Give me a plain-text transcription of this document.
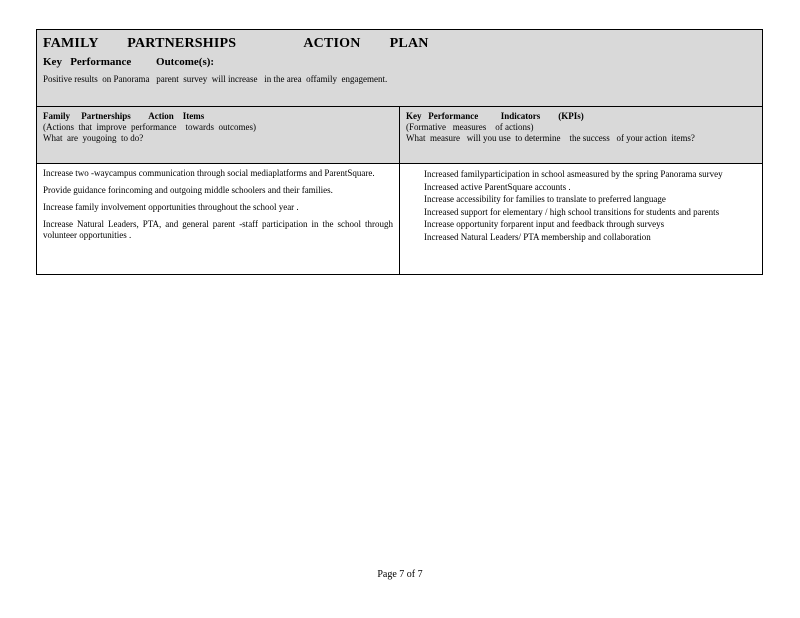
FAMILY   PARTNERSHIPS       ACTION   PLAN
Key   Performance         Outcome(s):
Positive results  on Panorama   parent  survey  will increase   in the area  offamily  engagement.
Family     Partnerships        Action    Items
(Actions  that  improve  performance    towards  outcomes)
What  are  yougoing  to do?
Key   Performance          Indicators        (KPIs)
(Formative   measures    of actions)
What  measure   will you use  to determine    the success   of your action  items?

Increase two -waycampus communication through social mediaplatforms and ParentSquare.

Provide guidance forincoming and outgoing middle schoolers and their families.

Increase family involvement opportunities throughout the school year .

Increase Natural Leaders, PTA, and general parent -staff participation in the school through volunteer opportunities .

Increased familyparticipation in school asmeasured by the spring Panorama survey
Increased active ParentSquare accounts .
Increase accessibility for families to translate to preferred language
Increased support for elementary / high school transitions for students and parents
Increase opportunity forparent input and feedback through surveys
Increased Natural Leaders/ PTA membership and collaboration
Page 7 of 7
